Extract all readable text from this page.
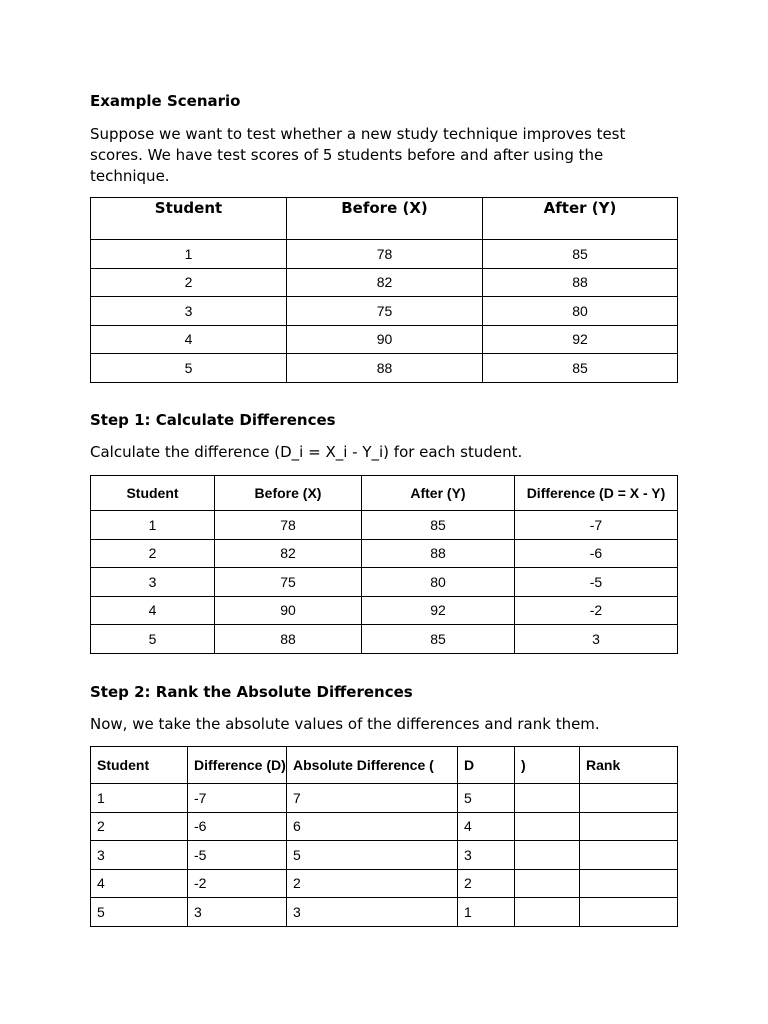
Example Scenario

Suppose we want to test whether a new study technique improves test scores. We have test scores of 5 students before and after using the technique.

Student	Before (X)	After (Y)
1	78	85
2	82	88
3	75	80
4	90	92
5	88	85
Step 1: Calculate Differences

Calculate the difference (D_i = X_i - Y_i) for each student.

Student	Before (X)	After (Y)	Difference (D = X - Y)
1	78	85	-7
2	82	88	-6
3	75	80	-5
4	90	92	-2
5	88	85	3
Step 2: Rank the Absolute Differences

Now, we take the absolute values of the differences and rank them.

Student	Difference (D)	Absolute Difference (	D	)	Rank
1	-7	7	5		
2	-6	6	4		
3	-5	5	3		
4	-2	2	2		
5	3	3	1		
